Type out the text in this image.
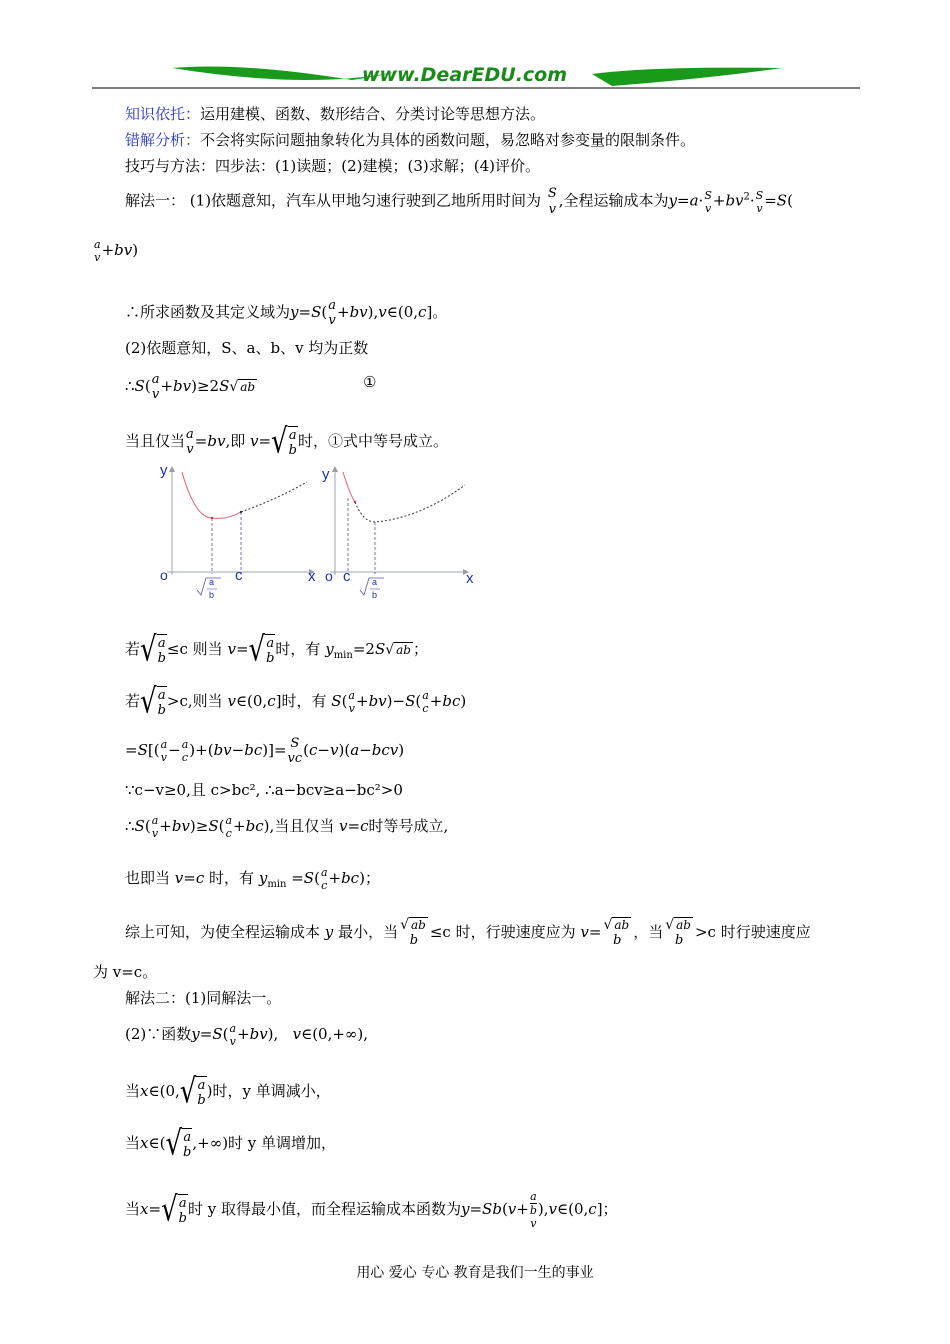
www.DearEDU.com
知识依托：运用建模、函数、数形结合、分类讨论等思想方法。
错解分析：不会将实际问题抽象转化为具体的函数问题，易忽略对参变量的限制条件。
技巧与方法：四步法：(1)读题；(2)建模；(3)求解；(4)评价。
解法一： (1)依题意知，汽车从甲地匀速行驶到乙地所用时间为 $\frac{S}{v}$ ,全程运输成本为y=a· S
$v +bv^2\cdot S$
v =S(
a
v +bv)
∴所求函数及其定义域为y=S( a
v +bv),v∈(0,c]。
(2)依题意知，S、a、b、v 均为正数
∴S( a
v +bv)≥2S√ ab	①
当且仅当 a
v =bv,即 v= √ a
b
时，①式中等号成立。
y
o	x
c
a
b
y
o c	x
a
b
若 √ a
b
≤c 则当 v= √ a
b
时，有 $y_{min}=2S√$ ab ；
若 √ a
b
>c,则当 v∈(0,c]时，有 S( a
v +bv)−S( a
c +bc)
=S[( a
v − a
c )+(bv−bc)]= S
vc (c−v)(a−bcv)
∵c−v≥0,且 c>bc², ∴a−bcv≥a−bc²>0
∴S( a
v +bv)≥S( a
c +bc),当且仅当 v=c时等号成立,
也即当 v=c 时，有 $y_{min} =S$( a
c +bc)；
综上可知，为使全程运输成本 y 最小，当 √ ab
b ≤c 时，行驶速度应为 v= √ ab
b ，当 √ ab
b >c 时行驶速度应
为 v=c。
解法二：(1)同解法一。
(2)∵函数y=S( a
v +bv),   v∈(0,+∞),
当x∈(0, √ a
b
)时，y 单调减小，
当x∈( √ a
b
,+∞)时 y 单调增加，
当x= √ a
b
时 y 取得最小值，而全程运输成本函数为y=Sb(v+
a
b
v
),v∈(0,c]；
用心 爱心 专心 教育是我们一生的事业
